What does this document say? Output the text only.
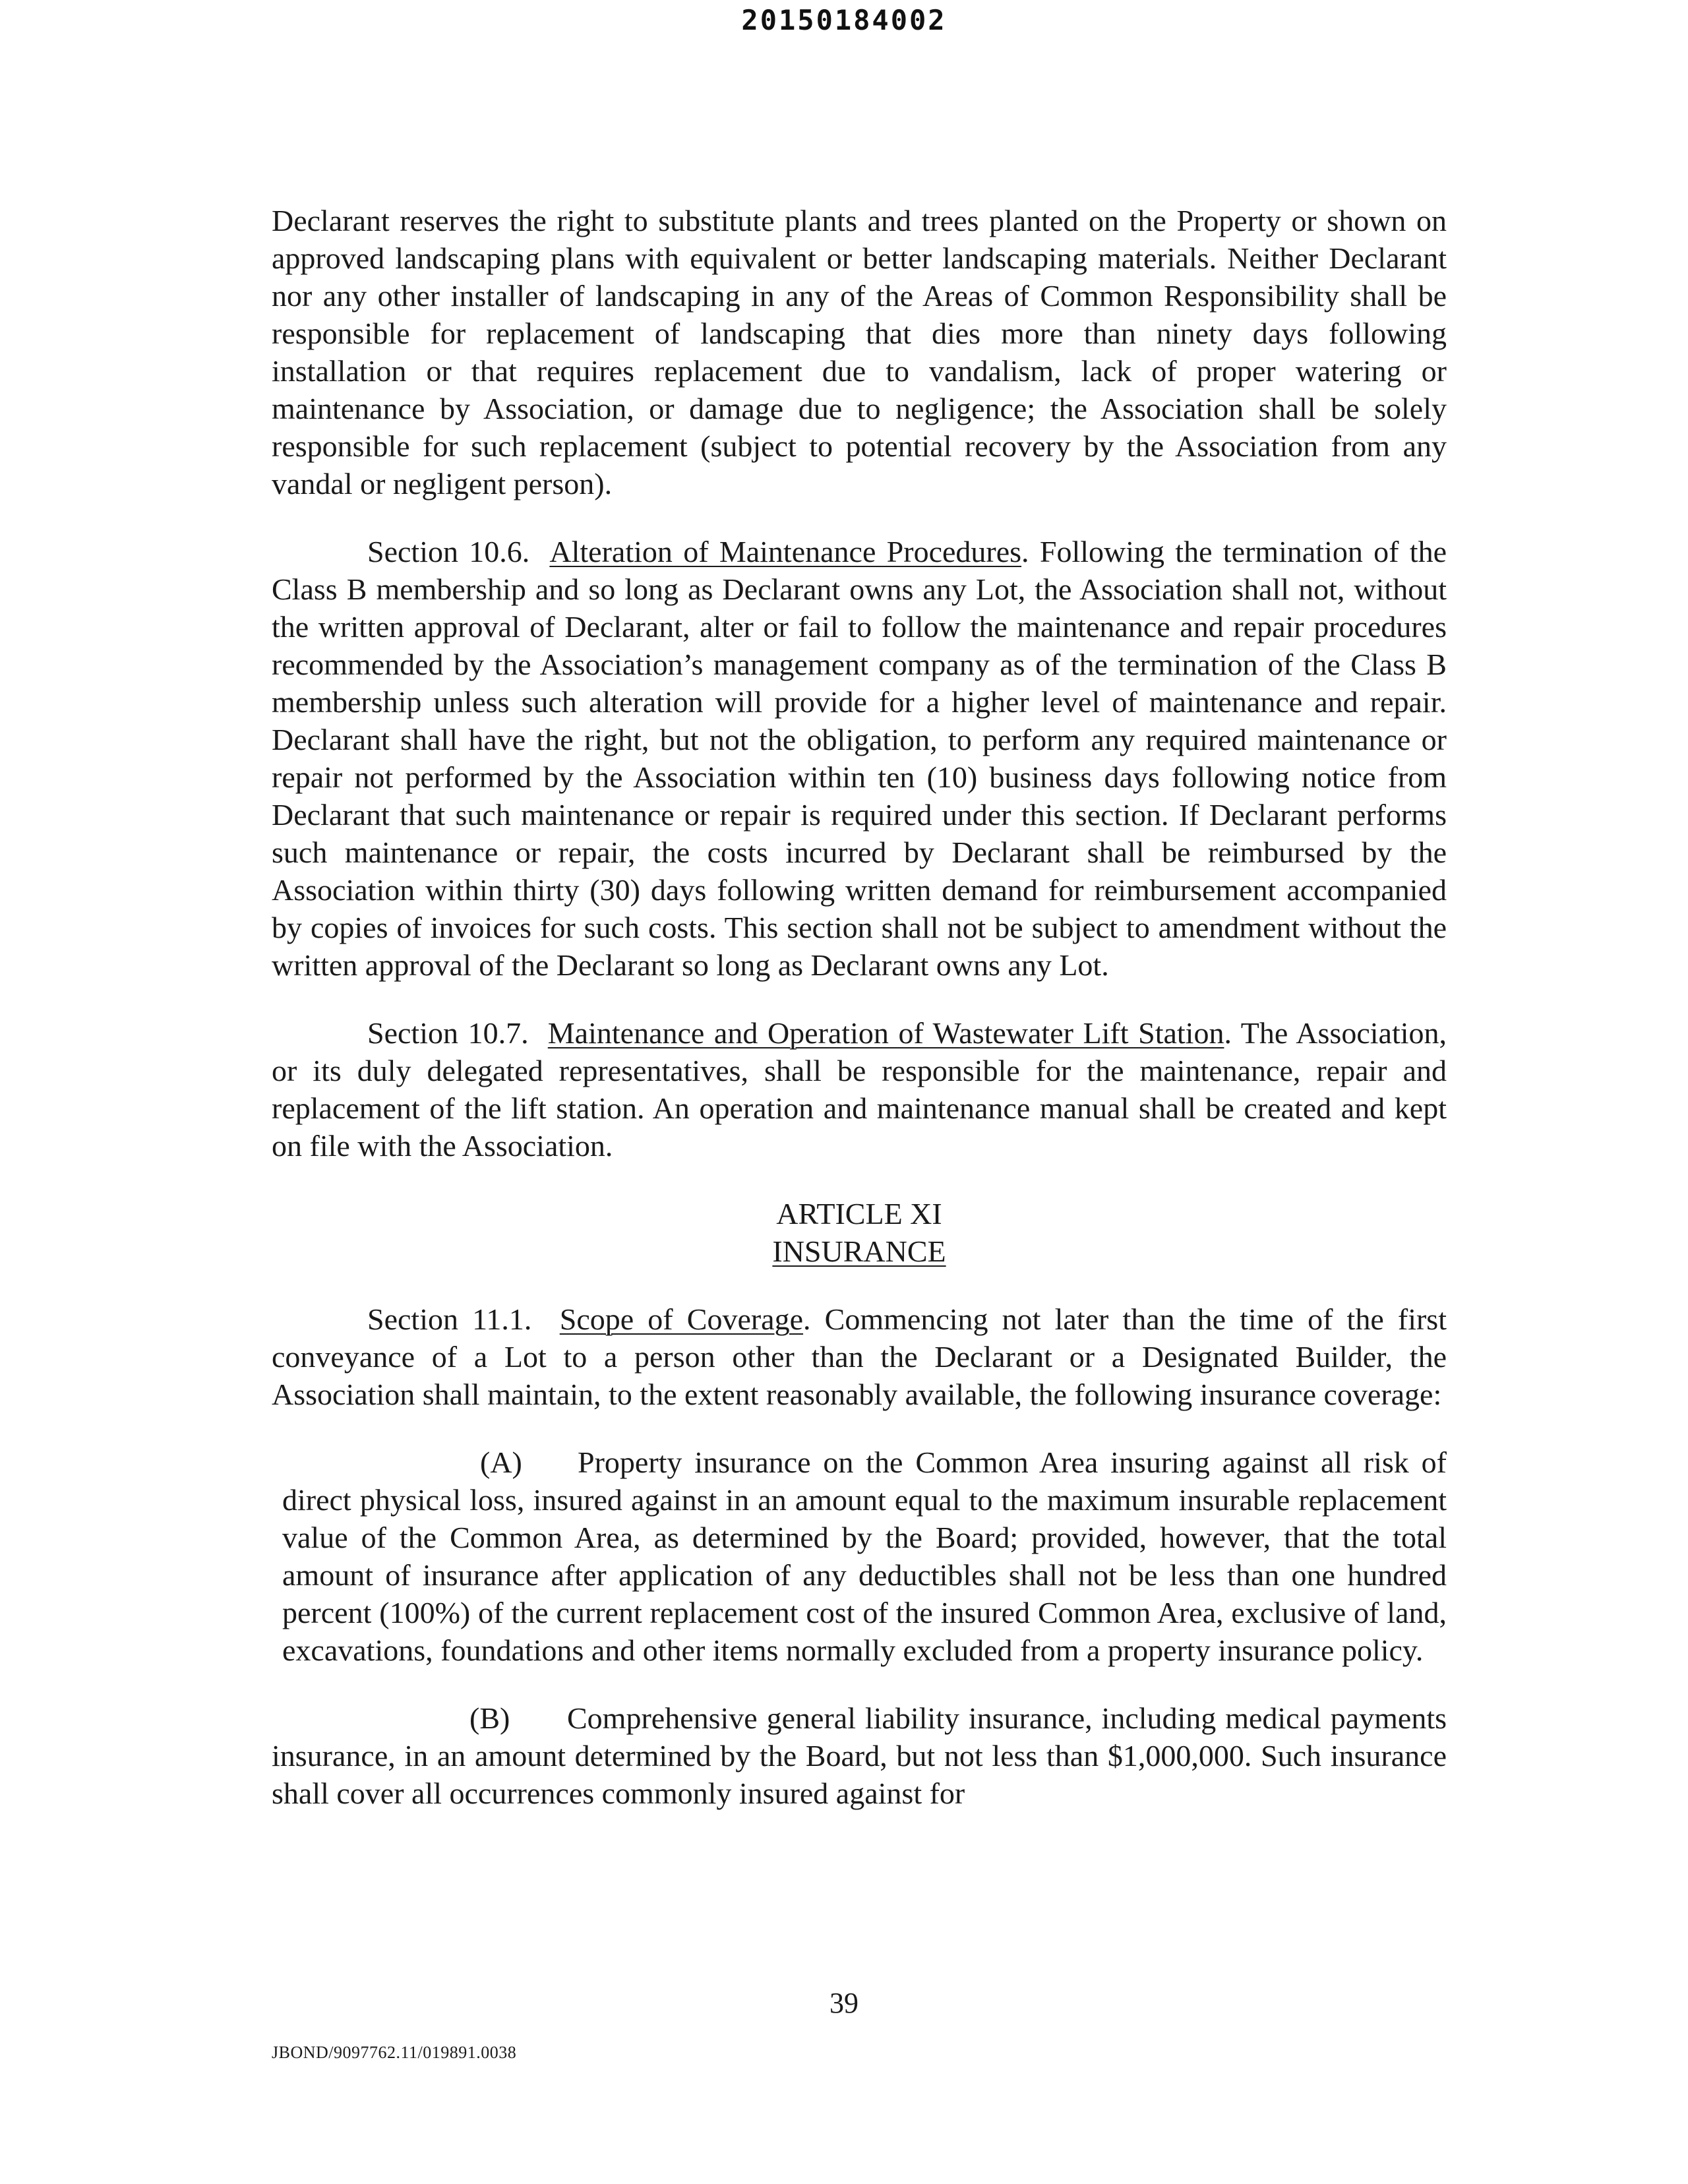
20150184002

Declarant reserves the right to substitute plants and trees planted on the Property or shown on approved landscaping plans with equivalent or better landscaping materials. Neither Declarant nor any other installer of landscaping in any of the Areas of Common Responsibility shall be responsible for replacement of landscaping that dies more than ninety days following installation or that requires replacement due to vandalism, lack of proper watering or maintenance by Association, or damage due to negligence; the Association shall be solely responsible for such replacement (subject to potential recovery by the Association from any vandal or negligent person).

Section 10.6. Alteration of Maintenance Procedures. Following the termination of the Class B membership and so long as Declarant owns any Lot, the Association shall not, without the written approval of Declarant, alter or fail to follow the maintenance and repair procedures recommended by the Association’s management company as of the termination of the Class B membership unless such alteration will provide for a higher level of maintenance and repair. Declarant shall have the right, but not the obligation, to perform any required maintenance or repair not performed by the Association within ten (10) business days following notice from Declarant that such maintenance or repair is required under this section. If Declarant performs such maintenance or repair, the costs incurred by Declarant shall be reimbursed by the Association within thirty (30) days following written demand for reimbursement accompanied by copies of invoices for such costs. This section shall not be subject to amendment without the written approval of the Declarant so long as Declarant owns any Lot.

Section 10.7. Maintenance and Operation of Wastewater Lift Station. The Association, or its duly delegated representatives, shall be responsible for the maintenance, repair and replacement of the lift station. An operation and maintenance manual shall be created and kept on file with the Association.

ARTICLE XI
INSURANCE

Section 11.1. Scope of Coverage. Commencing not later than the time of the first conveyance of a Lot to a person other than the Declarant or a Designated Builder, the Association shall maintain, to the extent reasonably available, the following insurance coverage:

(A) Property insurance on the Common Area insuring against all risk of direct physical loss, insured against in an amount equal to the maximum insurable replacement value of the Common Area, as determined by the Board; provided, however, that the total amount of insurance after application of any deductibles shall not be less than one hundred percent (100%) of the current replacement cost of the insured Common Area, exclusive of land, excavations, foundations and other items normally excluded from a property insurance policy.

(B) Comprehensive general liability insurance, including medical payments insurance, in an amount determined by the Board, but not less than $1,000,000. Such insurance shall cover all occurrences commonly insured against for

39
JBOND/9097762.11/019891.0038
